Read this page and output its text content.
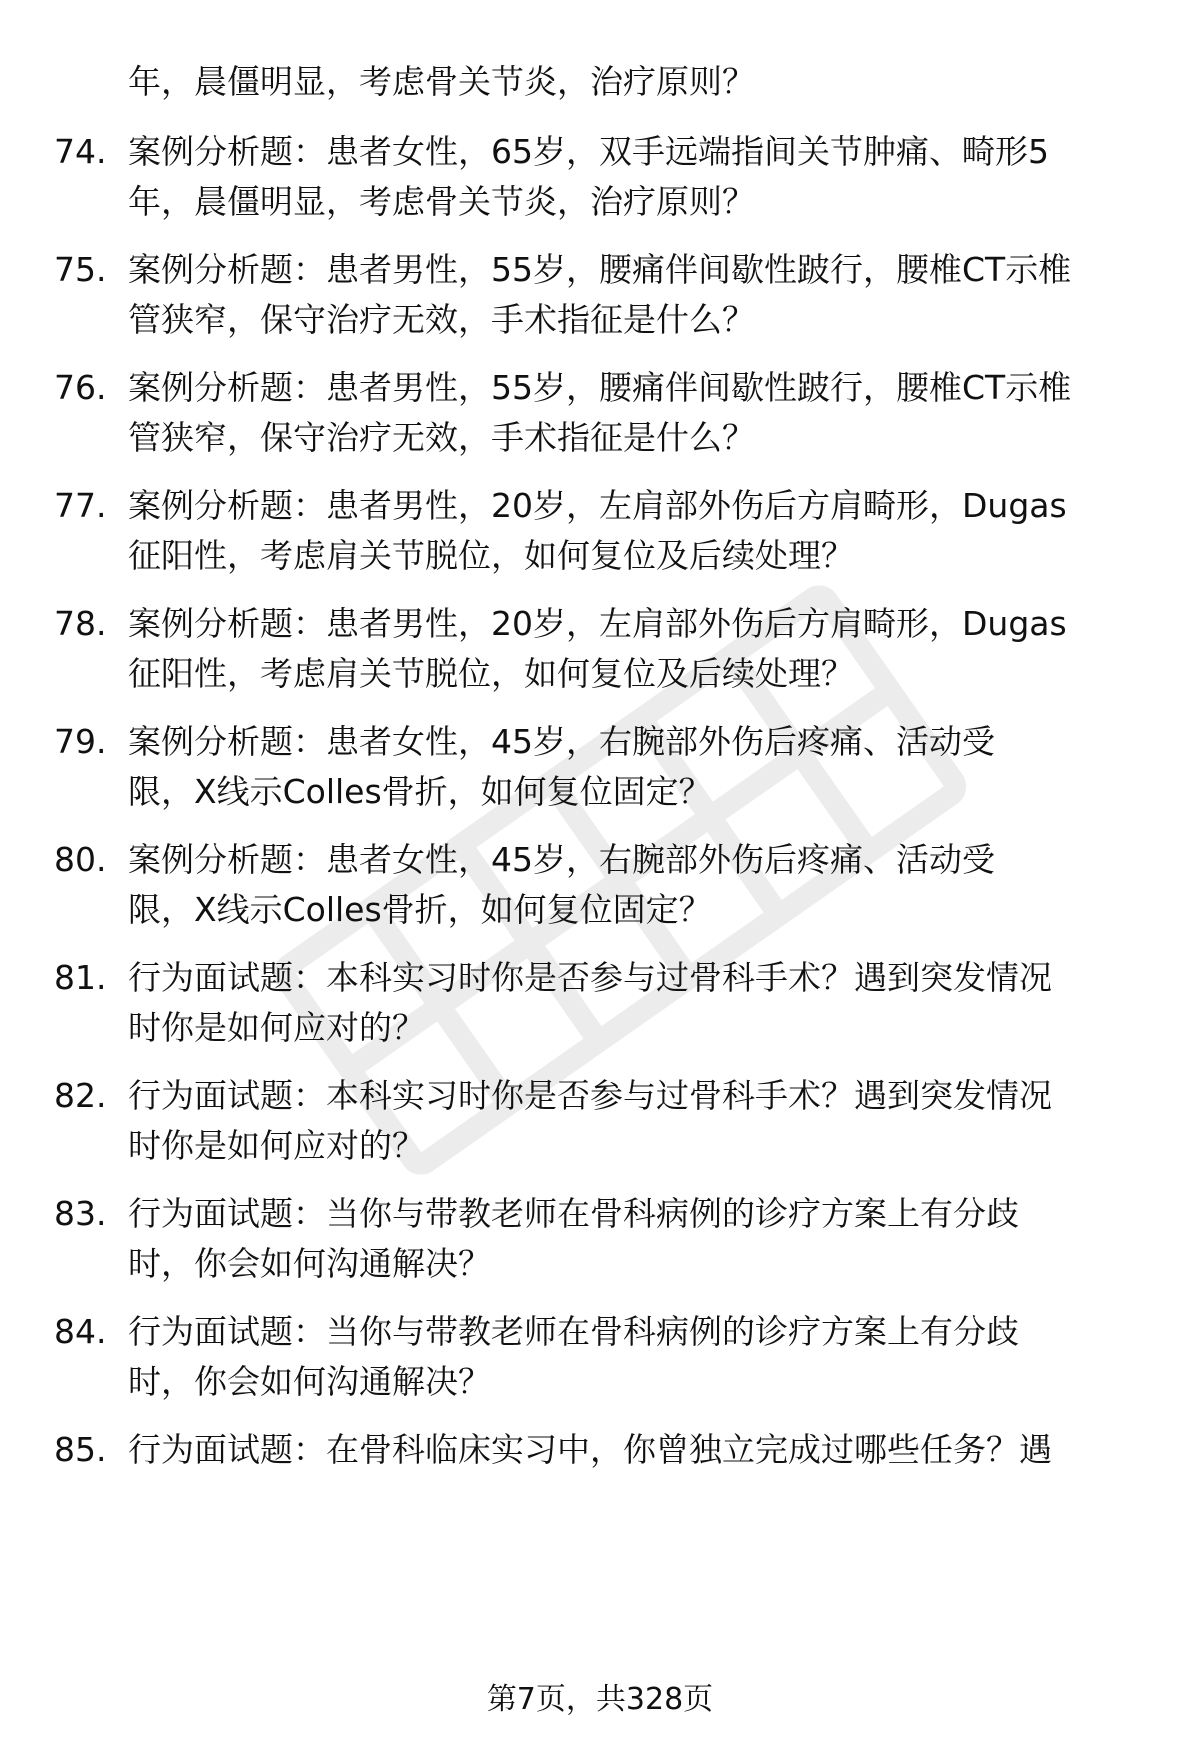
年，晨僵明显，考虑骨关节炎，治疗原则？
74. 案例分析题：患者女性，65岁，双手远端指间关节肿痛、畸形5
年，晨僵明显，考虑骨关节炎，治疗原则？
75. 案例分析题：患者男性，55岁，腰痛伴间歇性跛行，腰椎CT示椎
管狭窄，保守治疗无效，手术指征是什么？
76. 案例分析题：患者男性，55岁，腰痛伴间歇性跛行，腰椎CT示椎
管狭窄，保守治疗无效，手术指征是什么？
77. 案例分析题：患者男性，20岁，左肩部外伤后方肩畸形，Dugas
征阳性，考虑肩关节脱位，如何复位及后续处理？
78. 案例分析题：患者男性，20岁，左肩部外伤后方肩畸形，Dugas
征阳性，考虑肩关节脱位，如何复位及后续处理？
79. 案例分析题：患者女性，45岁，右腕部外伤后疼痛、活动受
限，X线示Colles骨折，如何复位固定？
80. 案例分析题：患者女性，45岁，右腕部外伤后疼痛、活动受
限，X线示Colles骨折，如何复位固定？
81. 行为面试题：本科实习时你是否参与过骨科手术？遇到突发情况
时你是如何应对的？
82. 行为面试题：本科实习时你是否参与过骨科手术？遇到突发情况
时你是如何应对的？
83. 行为面试题：当你与带教老师在骨科病例的诊疗方案上有分歧
时，你会如何沟通解决？
84. 行为面试题：当你与带教老师在骨科病例的诊疗方案上有分歧
时，你会如何沟通解决？
85. 行为面试题：在骨科临床实习中，你曾独立完成过哪些任务？遇
第7页，共328页
